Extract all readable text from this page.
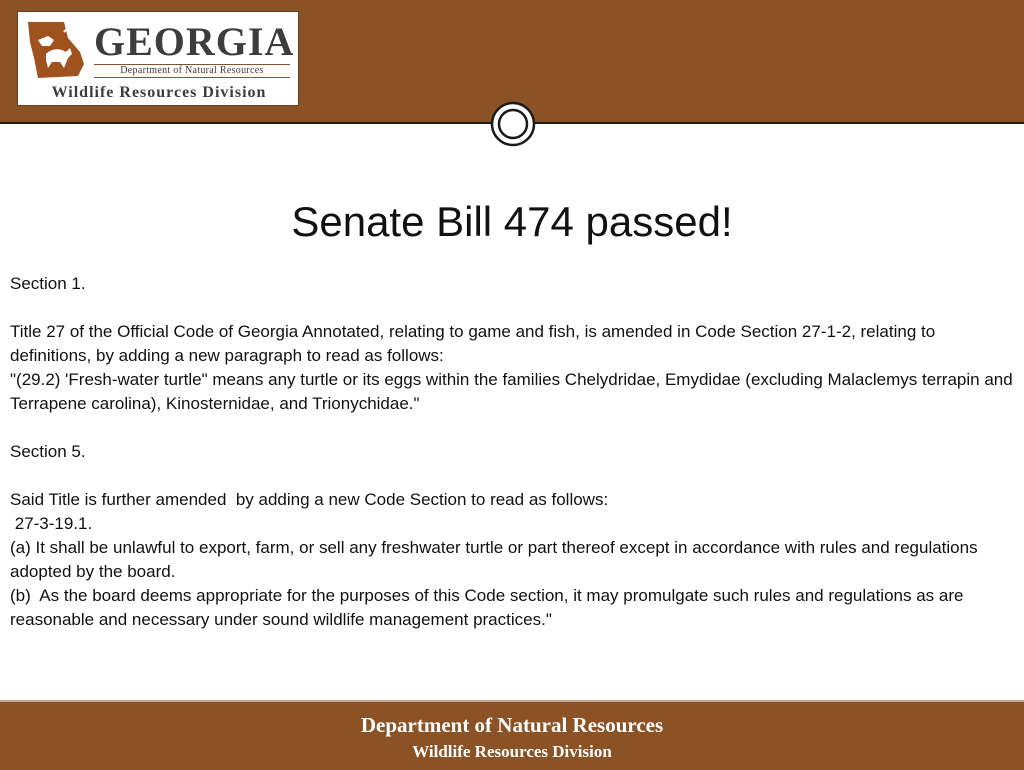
GEORGIA
Department of Natural Resources
Wildlife Resources Division
Senate Bill 474 passed!

Section 1.

Title 27 of the Official Code of Georgia Annotated, relating to game and fish, is amended in Code Section 27-1-2, relating to definitions, by adding a new paragraph to read as follows:

"(29.2) 'Fresh-water turtle" means any turtle or its eggs within the families Chelydridae, Emydidae (excluding Malaclemys terrapin and Terrapene carolina), Kinosternidae, and Trionychidae."

Section 5.

Said Title is further amended  by adding a new Code Section to read as follows:

27-3-19.1.

(a) It shall be unlawful to export, farm, or sell any freshwater turtle or part thereof except in accordance with rules and regulations adopted by the board.

(b)  As the board deems appropriate for the purposes of this Code section, it may promulgate such rules and regulations as are reasonable and necessary under sound wildlife management practices."

Department of Natural Resources
Wildlife Resources Division
